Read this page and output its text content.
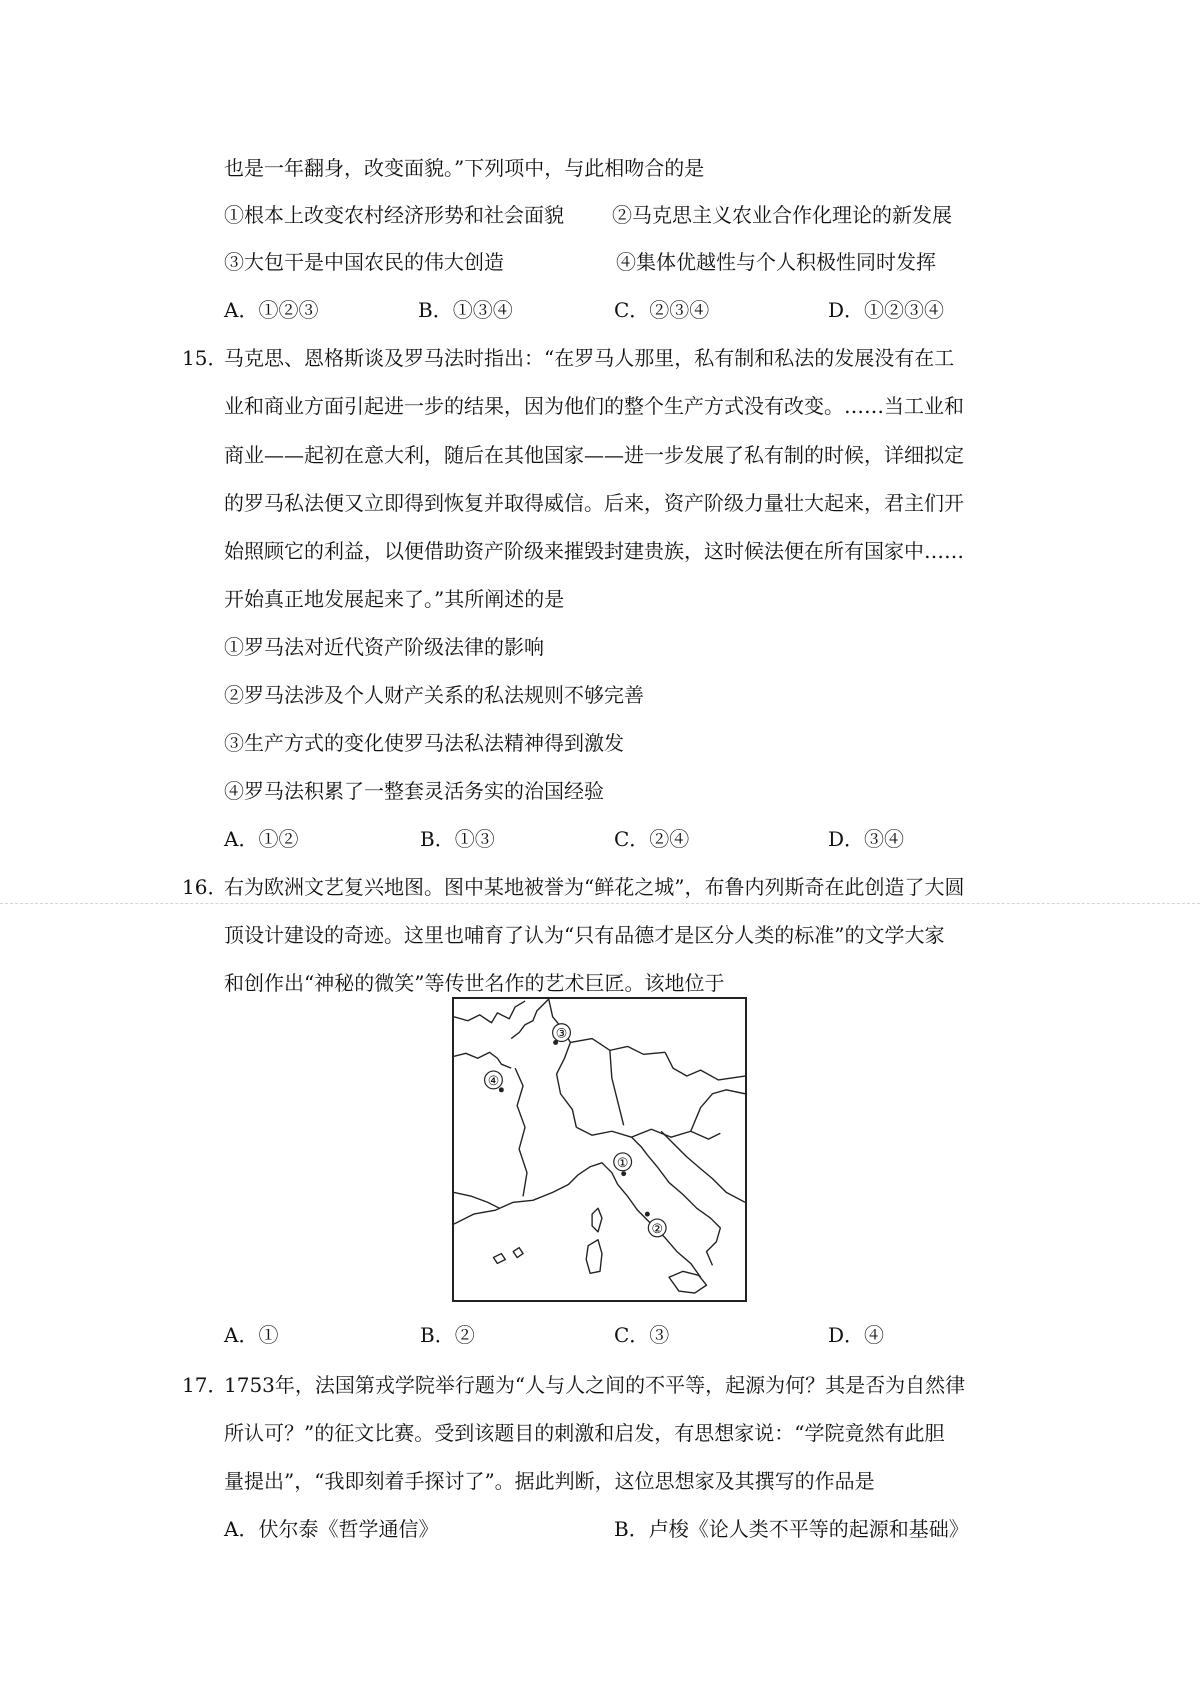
也是一年翻身，改变面貌。”下列项中，与此相吻合的是
①根本上改变农村经济形势和社会面貌 ②马克思主义农业合作化理论的新发展
③大包干是中国农民的伟大创造	④集体优越性与个人积极性同时发挥
A．①②③	B．①③④	C．②③④	D．①②③④
15．
马克思、恩格斯谈及罗马法时指出：“在罗马人那里，私有制和私法的发展没有在工
业和商业方面引起进一步的结果，因为他们的整个生产方式没有改变。……当工业和
商业——起初在意大利，随后在其他国家——进一步发展了私有制的时候，详细拟定
的罗马私法便又立即得到恢复并取得威信。后来，资产阶级力量壮大起来，君主们开
始照顾它的利益，以便借助资产阶级来摧毁封建贵族，这时候法便在所有国家中……
开始真正地发展起来了。”其所阐述的是
①罗马法对近代资产阶级法律的影响
②罗马法涉及个人财产关系的私法规则不够完善
③生产方式的变化使罗马法私法精神得到激发
④罗马法积累了一整套灵活务实的治国经验
A．①②	B．①③	C．②④	D．③④
16．
右为欧洲文艺复兴地图。图中某地被誉为“鲜花之城”，布鲁内列斯奇在此创造了大圆
顶设计建设的奇迹。这里也哺育了认为“只有品德才是区分人类的标准”的文学大家
和创作出“神秘的微笑”等传世名作的艺术巨匠。该地位于
①
②
③
④
A．①	B．②	C．③	D．④
17．
1753年，法国第戎学院举行题为“人与人之间的不平等，起源为何？其是否为自然律
所认可？”的征文比赛。受到该题目的刺激和启发，有思想家说：“学院竟然有此胆
量提出”，“我即刻着手探讨了”。据此判断，这位思想家及其撰写的作品是
A．伏尔泰《哲学通信》	B．卢梭《论人类不平等的起源和基础》
